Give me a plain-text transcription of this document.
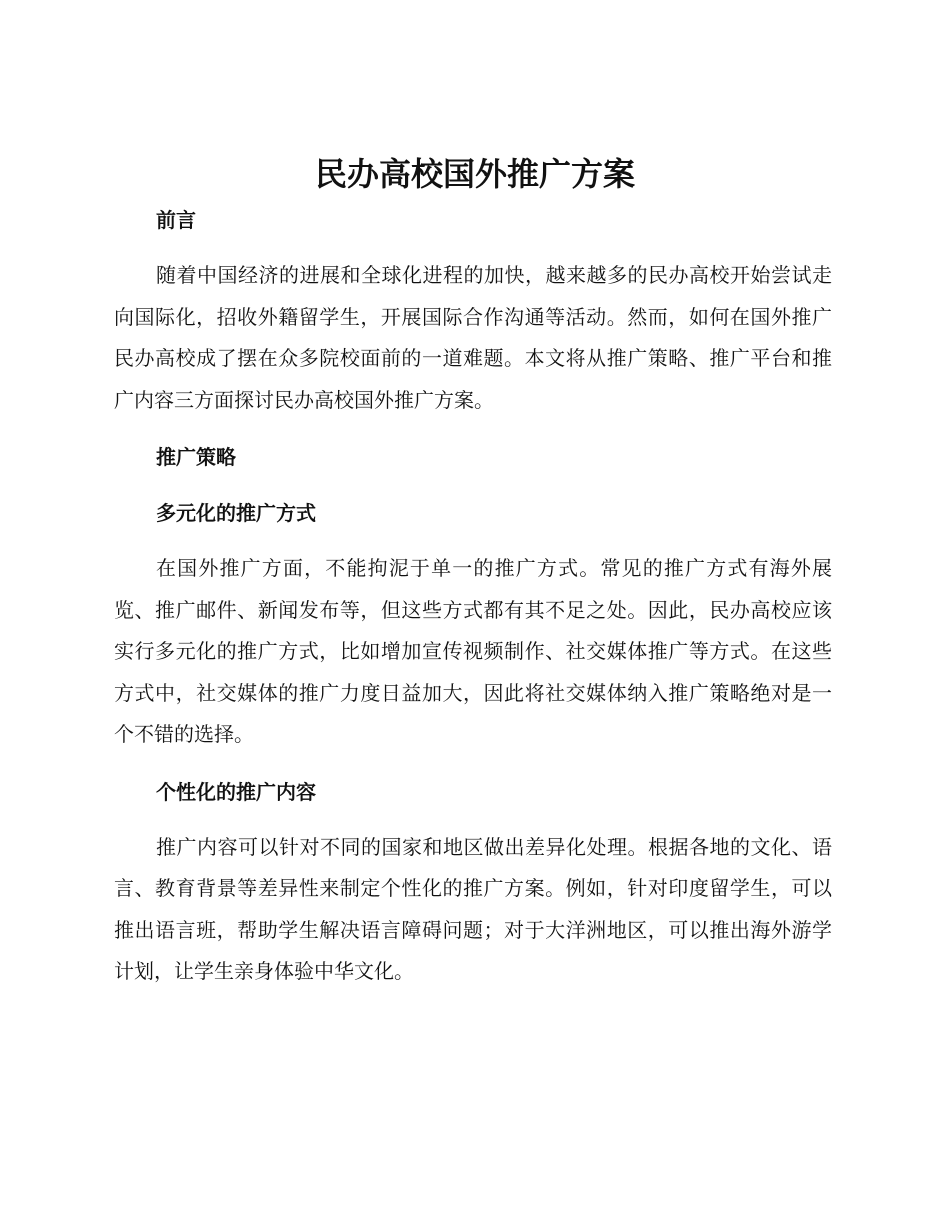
民办高校国外推广方案
前言

随着中国经济的进展和全球化进程的加快，越来越多的民办高校开始尝试走向国际化，招收外籍留学生，开展国际合作沟通等活动。然而，如何在国外推广民办高校成了摆在众多院校面前的一道难题。本文将从推广策略、推广平台和推广内容三方面探讨民办高校国外推广方案。

推广策略
多元化的推广方式

在国外推广方面，不能拘泥于单一的推广方式。常见的推广方式有海外展览、推广邮件、新闻发布等，但这些方式都有其不足之处。因此，民办高校应该实行多元化的推广方式，比如增加宣传视频制作、社交媒体推广等方式。在这些方式中，社交媒体的推广力度日益加大，因此将社交媒体纳入推广策略绝对是一个不错的选择。

个性化的推广内容

推广内容可以针对不同的国家和地区做出差异化处理。根据各地的文化、语言、教育背景等差异性来制定个性化的推广方案。例如，针对印度留学生，可以推出语言班，帮助学生解决语言障碍问题；对于大洋洲地区，可以推出海外游学计划，让学生亲身体验中华文化。
